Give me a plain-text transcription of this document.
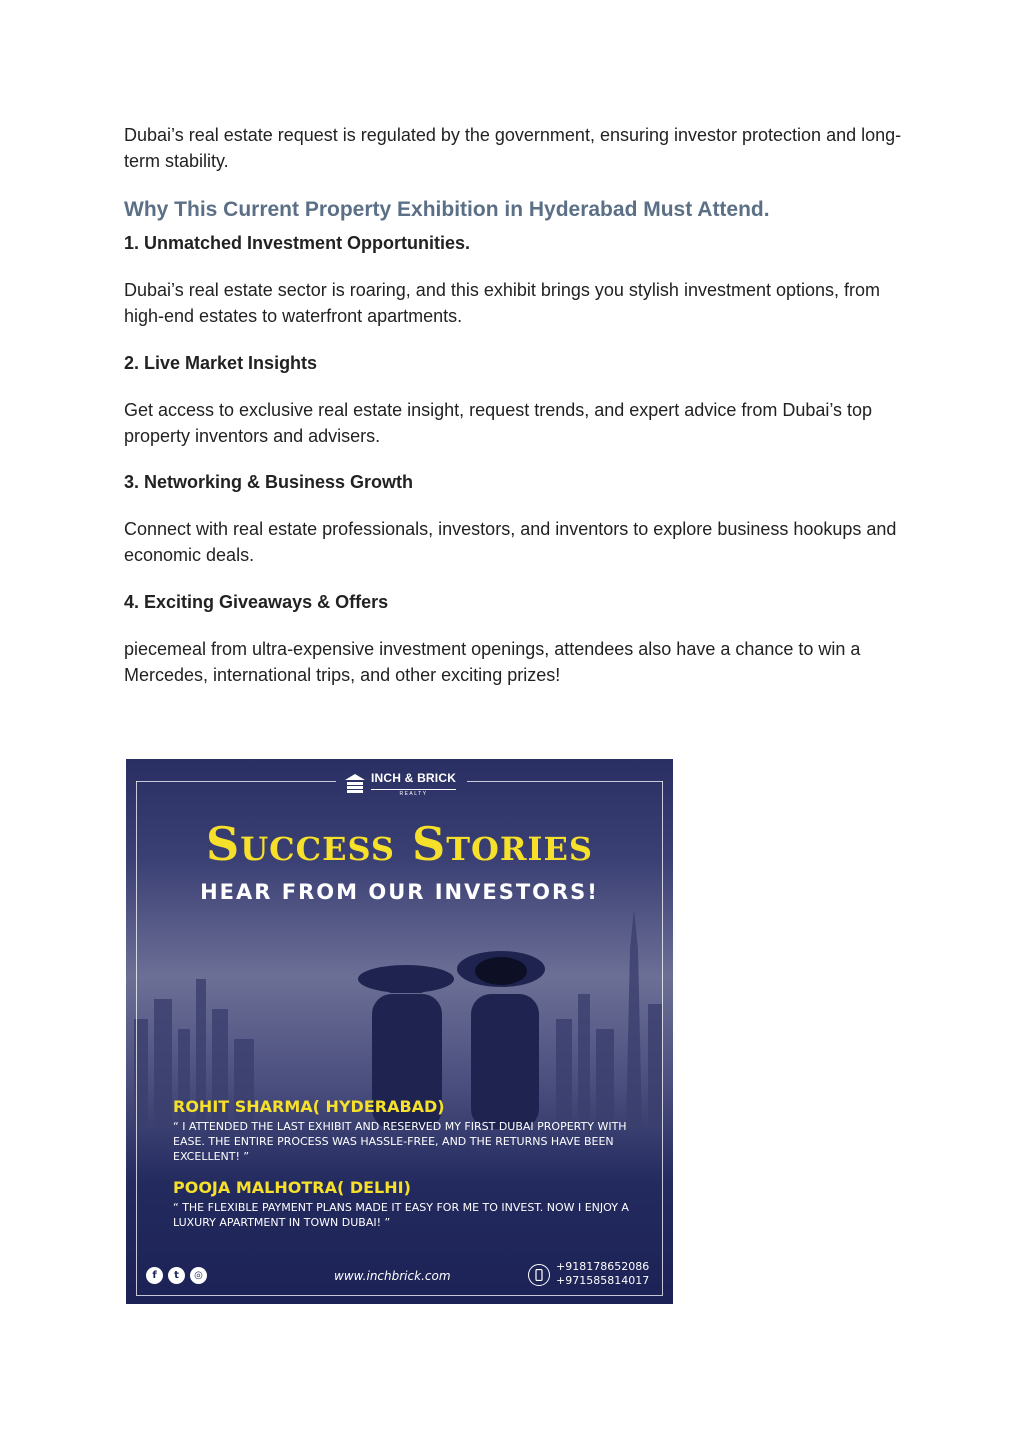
Dubai’s real estate request is regulated by the government, ensuring investor protection and long-term stability.

Why This Current Property Exhibition in Hyderabad Must Attend.
1. Unmatched Investment Opportunities.

Dubai’s real estate sector is roaring, and this exhibit brings you stylish investment options, from high-end estates to waterfront apartments.

2. Live Market Insights

Get access to exclusive real estate insight, request trends, and expert advice from Dubai’s top property inventors and advisers.

3. Networking & Business Growth

Connect with real estate professionals, investors, and inventors to explore business hookups and economic deals.

4. Exciting Giveaways & Offers

piecemeal from ultra-expensive investment openings, attendees also have a chance to win a Mercedes, international trips, and other exciting prizes!

INCH & BRICK
REALTY
Success Stories
HEAR FROM OUR INVESTORS!

ROHIT SHARMA( HYDERABAD)

“ I ATTENDED THE LAST EXHIBIT AND RESERVED MY FIRST DUBAI PROPERTY WITH EASE. THE ENTIRE PROCESS WAS HASSLE-FREE, AND THE RETURNS HAVE BEEN EXCELLENT! ”

POOJA MALHOTRA( DELHI)

“ THE FLEXIBLE PAYMENT PLANS MADE IT EASY FOR ME TO INVEST. NOW I ENJOY A LUXURY APARTMENT IN TOWN DUBAI! ”

f	t	◎	www.inchbrick.com
+918178652086
+971585814017
